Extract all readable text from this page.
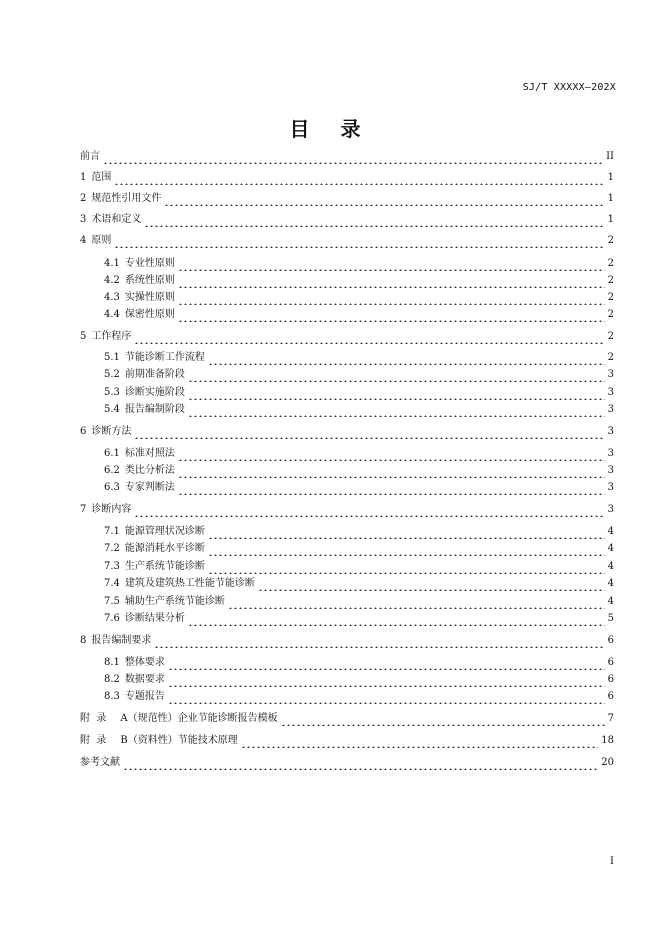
SJ/T XXXXX—202X
目 录
前言	II
1 范围	1
2 规范性引用文件	1
3 术语和定义	1
4 原则	2
4.1 专业性原则	2
4.2 系统性原则	2
4.3 实操性原则	2
4.4 保密性原则	2
5 工作程序	2
5.1 节能诊断工作流程	2
5.2 前期准备阶段	3
5.3 诊断实施阶段	3
5.4 报告编制阶段	3
6 诊断方法	3
6.1 标准对照法	3
6.2 类比分析法	3
6.3 专家判断法	3
7 诊断内容	3
7.1 能源管理状况诊断	4
7.2 能源消耗水平诊断	4
7.3 生产系统节能诊断	4
7.4 建筑及建筑热工性能节能诊断	4
7.5 辅助生产系统节能诊断	4
7.6 诊断结果分析	5
8 报告编制要求	6
8.1 整体要求	6
8.2 数据要求	6
8.3 专题报告	6
附  录 A（规范性）企业节能诊断报告模板	7
附  录 B（资料性）节能技术原理	18
参考文献	20
I
